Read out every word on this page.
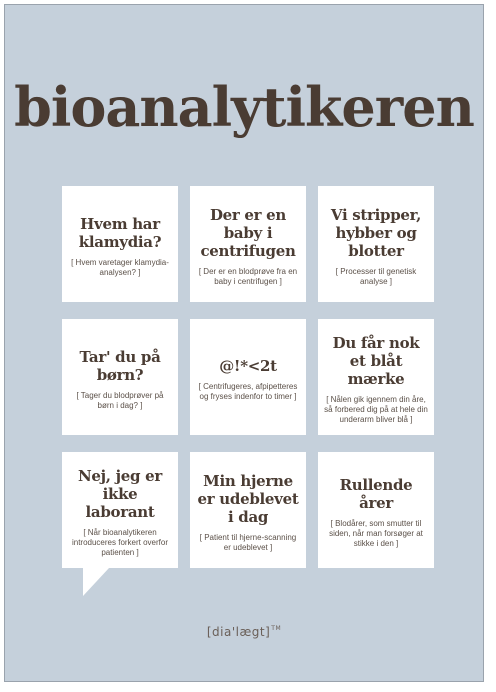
bioanalytikeren
Hvem har klamydia?
[ Hvem varetager klamydia-analysen? ]
Der er en baby i centrifugen
[ Der er en blodprøve fra en baby i centrifugen ]
Vi stripper, hybber og blotter
[ Processer til genetisk analyse ]
Tar' du på børn?
[ Tager du blodprøver på børn i dag? ]
@!*<2t
[ Centrifugeres, afpipetteres og fryses indenfor to timer ]
Du får nok et blåt mærke
[ Nålen gik igennem din åre, så forbered dig på at hele din underarm bliver blå ]
Nej, jeg er ikke laborant
[ Når bioanalytikeren introduceres forkert overfor patienten ]
Min hjerne er udeblevet i dag
[ Patient til hjerne-scanning er udeblevet ]
Rullende årer
[ Blodårer, som smutter til siden, når man forsøger at stikke i den ]
[dia'lægt]™
